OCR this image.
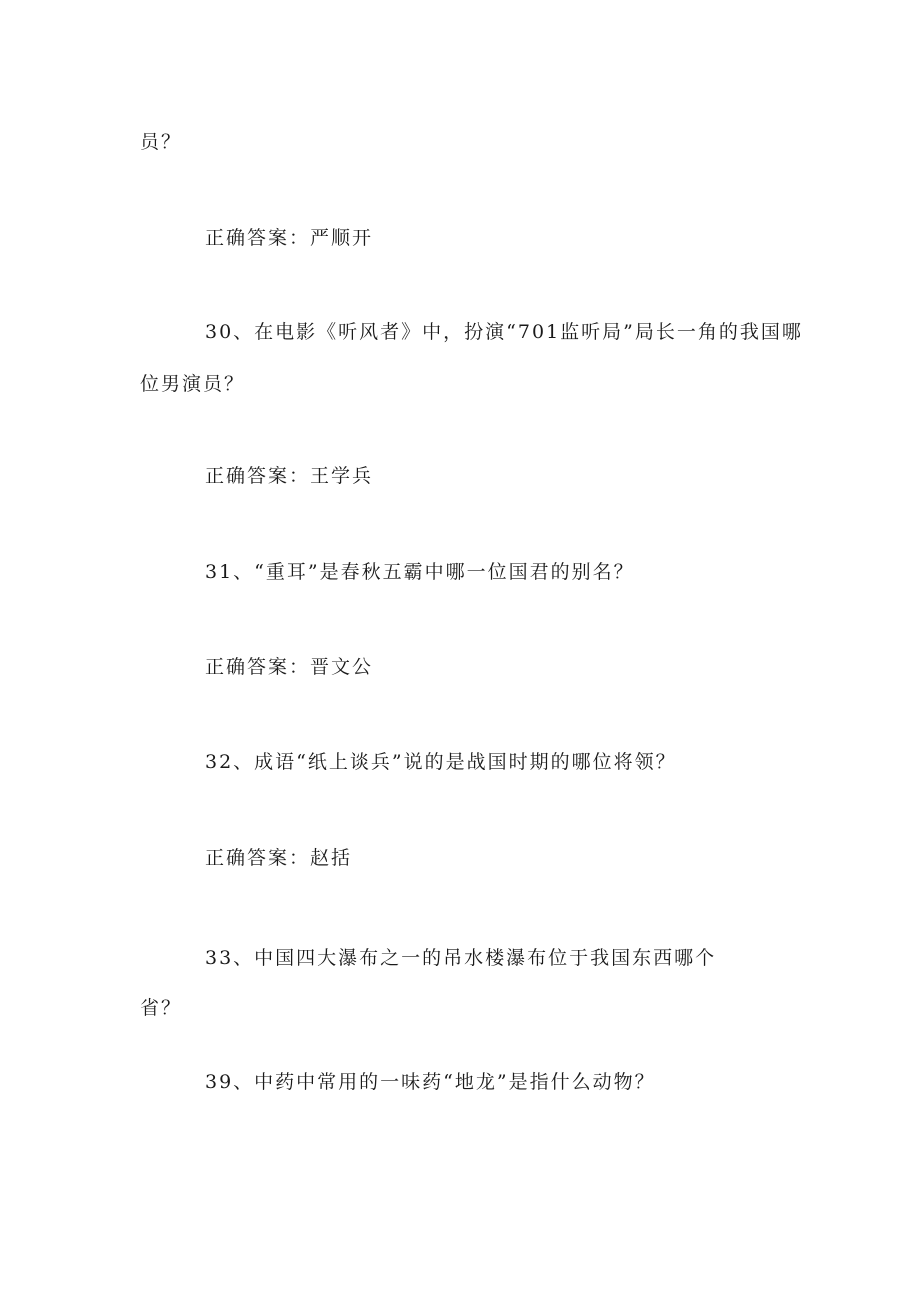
员？
正确答案：严顺开
30、在电影《听风者》中，扮演“701监听局”局长一角的我国哪
位男演员？
正确答案：王学兵
31、“重耳”是春秋五霸中哪一位国君的别名？
正确答案：晋文公
32、成语“纸上谈兵”说的是战国时期的哪位将领？
正确答案：赵括
33、中国四大瀑布之一的吊水楼瀑布位于我国东西哪个
省？
39、中药中常用的一味药“地龙”是指什么动物？
